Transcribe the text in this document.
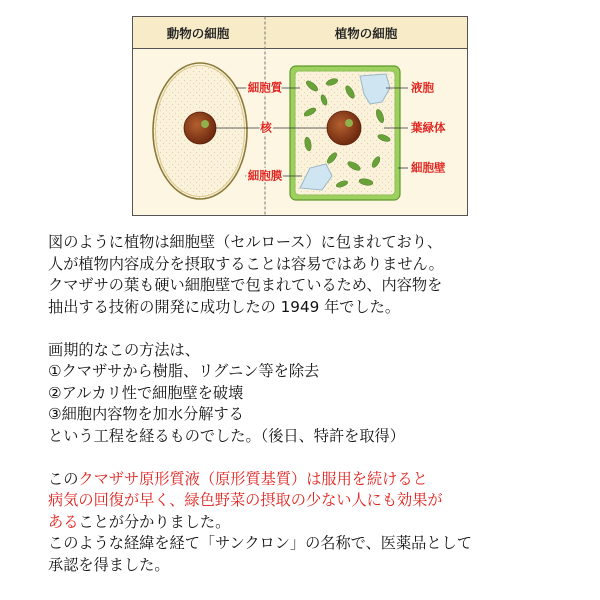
動物の細胞	植物の細胞
細胞質
核
細胞膜
液胞
葉緑体
細胞壁
図のように植物は細胞壁（セルロース）に包まれており、
人が植物内容成分を摂取することは容易ではありません。
クマザサの葉も硬い細胞壁で包まれているため、内容物を
抽出する技術の開発に成功したの 1949 年でした。
画期的なこの方法は、
①クマザサから樹脂、リグニン等を除去
②アルカリ性で細胞壁を破壊
③細胞内容物を加水分解する
という工程を経るものでした。（後日、特許を取得）
このクマザサ原形質液（原形質基質）は服用を続けると
病気の回復が早く、緑色野菜の摂取の少ない人にも効果が
あることが分かりました。
このような経緯を経て「サンクロン」の名称で、医薬品として
承認を得ました。
